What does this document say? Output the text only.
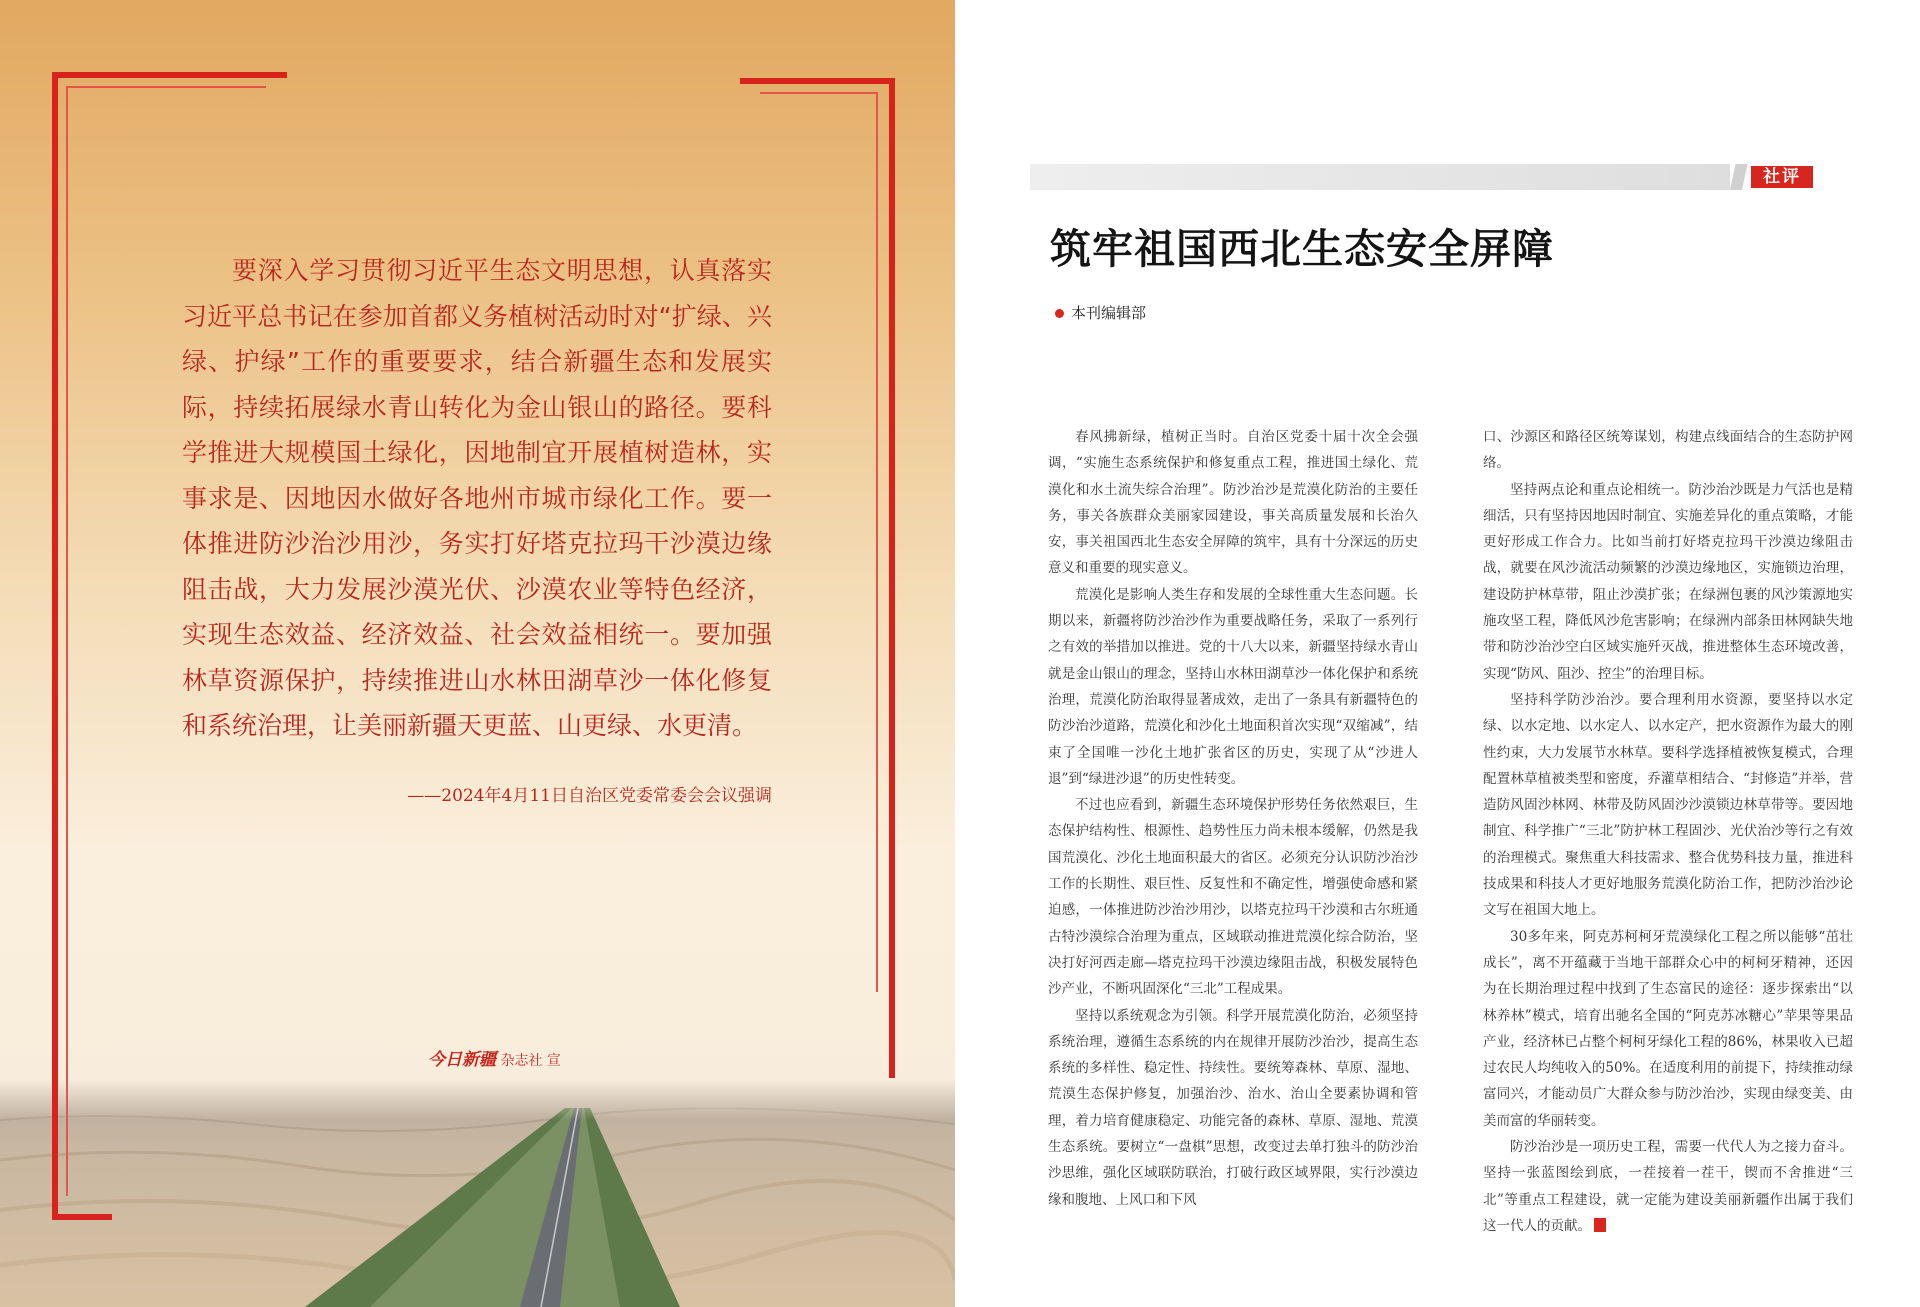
要深入学习贯彻习近平生态文明思想，认真落实习近平总书记在参加首都义务植树活动时对“扩绿、兴绿、护绿”工作的重要要求，结合新疆生态和发展实际，持续拓展绿水青山转化为金山银山的路径。要科学推进大规模国土绿化，因地制宜开展植树造林，实事求是、因地因水做好各地州市城市绿化工作。要一体推进防沙治沙用沙，务实打好塔克拉玛干沙漠边缘阻击战，大力发展沙漠光伏、沙漠农业等特色经济，实现生态效益、经济效益、社会效益相统一。要加强林草资源保护，持续推进山水林田湖草沙一体化修复和系统治理，让美丽新疆天更蓝、山更绿、水更清。

——2024年4月11日自治区党委常委会会议强调

今日新疆 杂志社 宣
社评
筑牢祖国西北生态安全屏障
本刊编辑部

春风拂新绿，植树正当时。自治区党委十届十次全会强调，“实施生态系统保护和修复重点工程，推进国土绿化、荒漠化和水土流失综合治理”。防沙治沙是荒漠化防治的主要任务，事关各族群众美丽家园建设，事关高质量发展和长治久安，事关祖国西北生态安全屏障的筑牢，具有十分深远的历史意义和重要的现实意义。

荒漠化是影响人类生存和发展的全球性重大生态问题。长期以来，新疆将防沙治沙作为重要战略任务，采取了一系列行之有效的举措加以推进。党的十八大以来，新疆坚持绿水青山就是金山银山的理念，坚持山水林田湖草沙一体化保护和系统治理，荒漠化防治取得显著成效，走出了一条具有新疆特色的防沙治沙道路，荒漠化和沙化土地面积首次实现“双缩减”，结束了全国唯一沙化土地扩张省区的历史，实现了从“沙进人退”到“绿进沙退”的历史性转变。

不过也应看到，新疆生态环境保护形势任务依然艰巨，生态保护结构性、根源性、趋势性压力尚未根本缓解，仍然是我国荒漠化、沙化土地面积最大的省区。必须充分认识防沙治沙工作的长期性、艰巨性、反复性和不确定性，增强使命感和紧迫感，一体推进防沙治沙用沙，以塔克拉玛干沙漠和古尔班通古特沙漠综合治理为重点，区域联动推进荒漠化综合防治，坚决打好河西走廊—塔克拉玛干沙漠边缘阻击战，积极发展特色沙产业，不断巩固深化“三北”工程成果。

坚持以系统观念为引领。科学开展荒漠化防治，必须坚持系统治理，遵循生态系统的内在规律开展防沙治沙，提高生态系统的多样性、稳定性、持续性。要统筹森林、草原、湿地、荒漠生态保护修复，加强治沙、治水、治山全要素协调和管理，着力培育健康稳定、功能完备的森林、草原、湿地、荒漠生态系统。要树立“一盘棋”思想，改变过去单打独斗的防沙治沙思维，强化区域联防联治，打破行政区域界限，实行沙漠边缘和腹地、上风口和下风

口、沙源区和路径区统筹谋划，构建点线面结合的生态防护网络。

坚持两点论和重点论相统一。防沙治沙既是力气活也是精细活，只有坚持因地因时制宜、实施差异化的重点策略，才能更好形成工作合力。比如当前打好塔克拉玛干沙漠边缘阻击战，就要在风沙流活动频繁的沙漠边缘地区，实施锁边治理，建设防护林草带，阻止沙漠扩张；在绿洲包裹的风沙策源地实施攻坚工程，降低风沙危害影响；在绿洲内部条田林网缺失地带和防沙治沙空白区域实施歼灭战，推进整体生态环境改善，实现“防风、阻沙、控尘”的治理目标。

坚持科学防沙治沙。要合理利用水资源，要坚持以水定绿、以水定地、以水定人、以水定产，把水资源作为最大的刚性约束，大力发展节水林草。要科学选择植被恢复模式，合理配置林草植被类型和密度，乔灌草相结合、“封修造”并举，营造防风固沙林网、林带及防风固沙沙漠锁边林草带等。要因地制宜、科学推广“三北”防护林工程固沙、光伏治沙等行之有效的治理模式。聚焦重大科技需求、整合优势科技力量，推进科技成果和科技人才更好地服务荒漠化防治工作，把防沙治沙论文写在祖国大地上。

30多年来，阿克苏柯柯牙荒漠绿化工程之所以能够“茁壮成长”，离不开蕴藏于当地干部群众心中的柯柯牙精神，还因为在长期治理过程中找到了生态富民的途径：逐步探索出“以林养林”模式，培育出驰名全国的“阿克苏冰糖心”苹果等果品产业，经济林已占整个柯柯牙绿化工程的86%，林果收入已超过农民人均纯收入的50%。在适度利用的前提下，持续推动绿富同兴，才能动员广大群众参与防沙治沙，实现由绿变美、由美而富的华丽转变。

防沙治沙是一项历史工程，需要一代代人为之接力奋斗。坚持一张蓝图绘到底，一茬接着一茬干，锲而不舍推进“三北”等重点工程建设，就一定能为建设美丽新疆作出属于我们这一代人的贡献。
